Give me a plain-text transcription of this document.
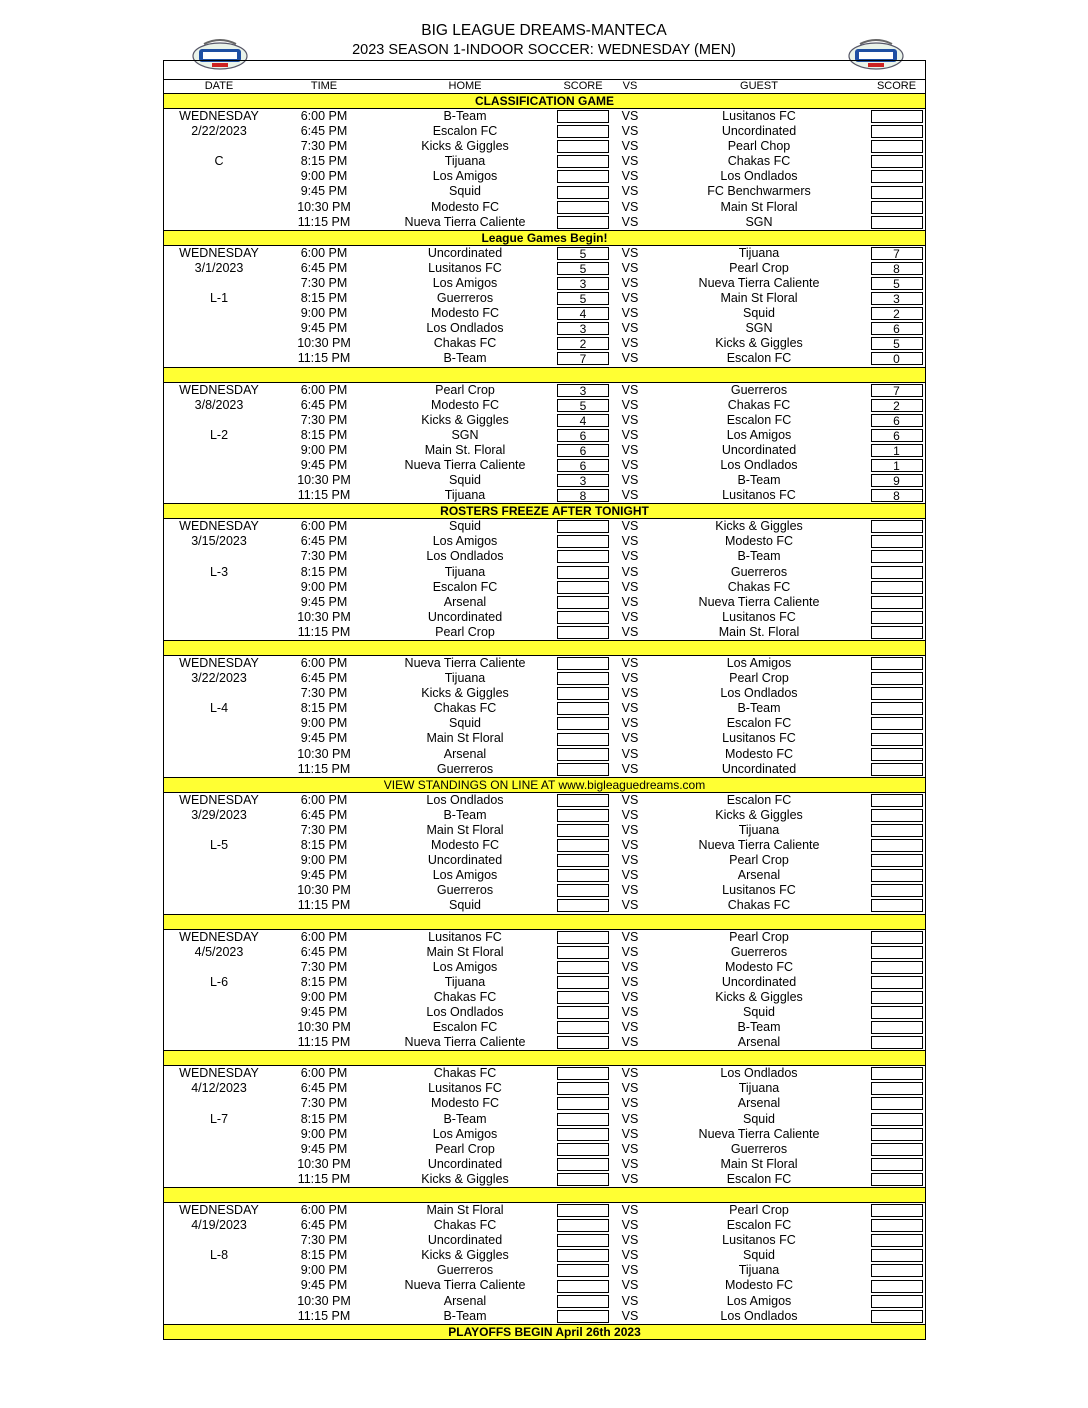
BIG LEAGUE DREAMS-MANTECA
2023 SEASON 1-INDOOR SOCCER: WEDNESDAY (MEN)
DATE	TIME	HOME	SCORE	VS	GUEST	SCORE
CLASSIFICATION GAME
WEDNESDAY	6:00 PM	B-Team	VS	Lusitanos FC
2/22/2023	6:45 PM	Escalon FC	VS	Uncordinated
7:30 PM	Kicks & Giggles	VS	Pearl Chop
C	8:15 PM	Tijuana	VS	Chakas FC
9:00 PM	Los Amigos	VS	Los Ondlados
9:45 PM	Squid	VS	FC Benchwarmers
10:30 PM	Modesto FC	VS	Main St Floral
11:15 PM	Nueva Tierra Caliente	VS	SGN
League Games Begin!
WEDNESDAY	6:00 PM	Uncordinated	5	VS	Tijuana	7
3/1/2023	6:45 PM	Lusitanos FC	5	VS	Pearl Crop	8
7:30 PM	Los Amigos	3	VS	Nueva Tierra Caliente	5
L-1	8:15 PM	Guerreros	5	VS	Main St Floral	3
9:00 PM	Modesto FC	4	VS	Squid	2
9:45 PM	Los Ondlados	3	VS	SGN	6
10:30 PM	Chakas FC	2	VS	Kicks & Giggles	5
11:15 PM	B-Team	7	VS	Escalon FC	0
WEDNESDAY	6:00 PM	Pearl Crop	3	VS	Guerreros	7
3/8/2023	6:45 PM	Modesto FC	5	VS	Chakas FC	2
7:30 PM	Kicks & Giggles	4	VS	Escalon FC	6
L-2	8:15 PM	SGN	6	VS	Los Amigos	6
9:00 PM	Main St. Floral	6	VS	Uncordinated	1
9:45 PM	Nueva Tierra Caliente	6	VS	Los Ondlados	1
10:30 PM	Squid	3	VS	B-Team	9
11:15 PM	Tijuana	8	VS	Lusitanos FC	8
ROSTERS FREEZE AFTER TONIGHT
WEDNESDAY	6:00 PM	Squid	VS	Kicks & Giggles
3/15/2023	6:45 PM	Los Amigos	VS	Modesto FC
7:30 PM	Los Ondlados	VS	B-Team
L-3	8:15 PM	Tijuana	VS	Guerreros
9:00 PM	Escalon FC	VS	Chakas FC
9:45 PM	Arsenal	VS	Nueva Tierra Caliente
10:30 PM	Uncordinated	VS	Lusitanos FC
11:15 PM	Pearl Crop	VS	Main St. Floral
WEDNESDAY	6:00 PM	Nueva Tierra Caliente	VS	Los Amigos
3/22/2023	6:45 PM	Tijuana	VS	Pearl Crop
7:30 PM	Kicks & Giggles	VS	Los Ondlados
L-4	8:15 PM	Chakas FC	VS	B-Team
9:00 PM	Squid	VS	Escalon FC
9:45 PM	Main St Floral	VS	Lusitanos FC
10:30 PM	Arsenal	VS	Modesto FC
11:15 PM	Guerreros	VS	Uncordinated
VIEW STANDINGS ON LINE AT www.bigleaguedreams.com
WEDNESDAY	6:00 PM	Los Ondlados	VS	Escalon FC
3/29/2023	6:45 PM	B-Team	VS	Kicks & Giggles
7:30 PM	Main St Floral	VS	Tijuana
L-5	8:15 PM	Modesto FC	VS	Nueva Tierra Caliente
9:00 PM	Uncordinated	VS	Pearl Crop
9:45 PM	Los Amigos	VS	Arsenal
10:30 PM	Guerreros	VS	Lusitanos FC
11:15 PM	Squid	VS	Chakas FC
WEDNESDAY	6:00 PM	Lusitanos FC	VS	Pearl Crop
4/5/2023	6:45 PM	Main St Floral	VS	Guerreros
7:30 PM	Los Amigos	VS	Modesto FC
L-6	8:15 PM	Tijuana	VS	Uncordinated
9:00 PM	Chakas FC	VS	Kicks & Giggles
9:45 PM	Los Ondlados	VS	Squid
10:30 PM	Escalon FC	VS	B-Team
11:15 PM	Nueva Tierra Caliente	VS	Arsenal
WEDNESDAY	6:00 PM	Chakas FC	VS	Los Ondlados
4/12/2023	6:45 PM	Lusitanos FC	VS	Tijuana
7:30 PM	Modesto FC	VS	Arsenal
L-7	8:15 PM	B-Team	VS	Squid
9:00 PM	Los Amigos	VS	Nueva Tierra Caliente
9:45 PM	Pearl Crop	VS	Guerreros
10:30 PM	Uncordinated	VS	Main St Floral
11:15 PM	Kicks & Giggles	VS	Escalon FC
WEDNESDAY	6:00 PM	Main St Floral	VS	Pearl Crop
4/19/2023	6:45 PM	Chakas FC	VS	Escalon FC
7:30 PM	Uncordinated	VS	Lusitanos FC
L-8	8:15 PM	Kicks & Giggles	VS	Squid
9:00 PM	Guerreros	VS	Tijuana
9:45 PM	Nueva Tierra Caliente	VS	Modesto FC
10:30 PM	Arsenal	VS	Los Amigos
11:15 PM	B-Team	VS	Los Ondlados
PLAYOFFS BEGIN April 26th 2023
